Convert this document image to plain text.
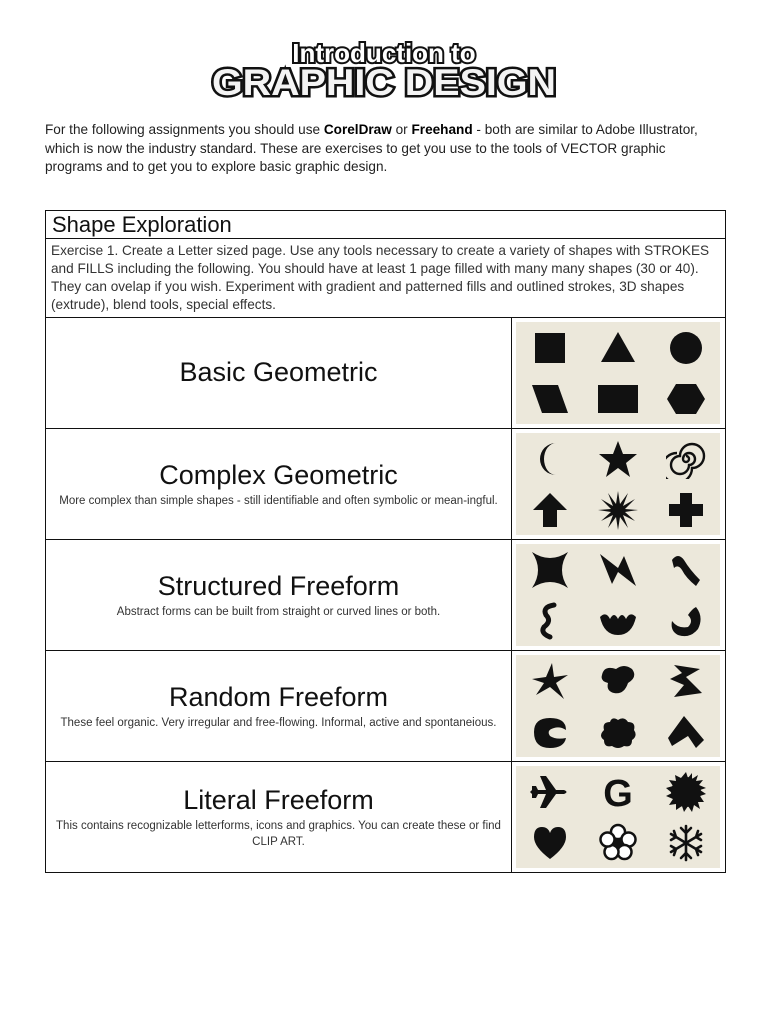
Introduction to
GRAPHIC DESIGN
For the following assignments you should use CorelDraw or Freehand - both are similar to Adobe Illustrator, which is now the industry standard. These are exercises to get you use to the tools of VECTOR graphic programs and to get you to explore basic graphic design.
Shape Exploration	
Exercise 1. Create a Letter sized page. Use any tools necessary to create a variety of shapes with STROKES and FILLS including the following. You should have at least 1 page filled with many many shapes (30 or 40). They can ovelap if you wish. Experiment with gradient and patterned fills and outlined strokes, 3D shapes (extrude), blend tools, special effects.	

Basic Geometric

Complex Geometric
More complex than simple shapes - still identifiable and often symbolic or mean-ingful.

Structured Freeform
Abstract forms can be built from straight or curved lines or both.

Random Freeform
These feel organic. Very irregular and free-flowing. Informal, active and spontaneious.

Literal Freeform
This contains recognizable letterforms, icons and graphics. You can create these or find CLIP ART.	G
